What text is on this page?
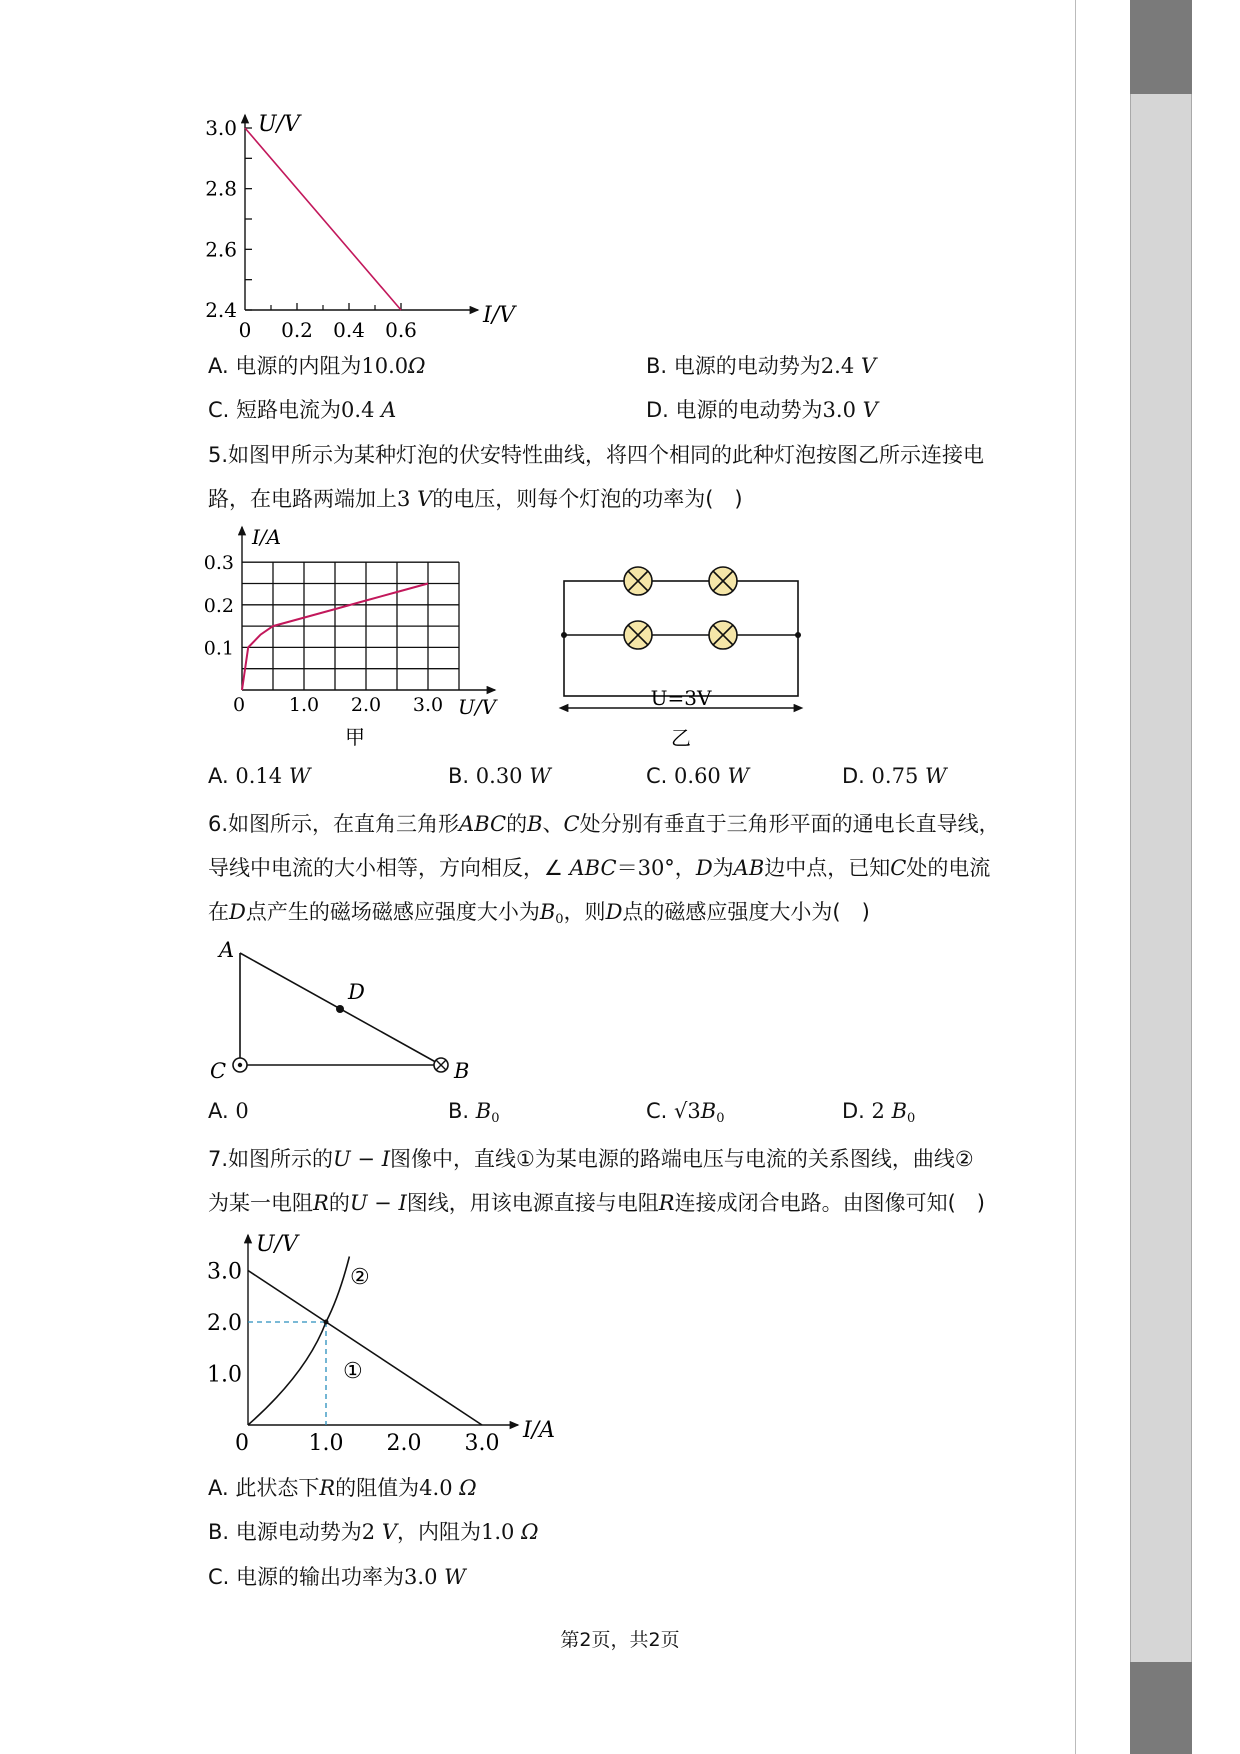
3.0
2.8
2.6
2.4
0 0.2 0.4 0.6
U/V
I/V
A. 电源的内阻为10.0Ω	B. 电源的电动势为2.4 V
C. 短路电流为0.4 A	D. 电源的电动势为3.0 V
5.如图甲所示为某种灯泡的伏安特性曲线，将四个相同的此种灯泡按图乙所示连接电
路，在电路两端加上3 V的电压，则每个灯泡的功率为(　)
0.3
0.2
0.1
0 1.0 2.0 3.0
I/A
U/V
甲
U=3V
乙
A. 0.14 W	B. 0.30 W	C. 0.60 W	D. 0.75 W
6.如图所示，在直角三角形ABC的B、C处分别有垂直于三角形平面的通电长直导线，
导线中电流的大小相等，方向相反，∠ ABC＝30°，D为AB边中点，已知C处的电流
在D点产生的磁场磁感应强度大小为$B_0$，则D点的磁感应强度大小为(　)
A
D
C	B
A. 0	B. $B_0$	C. $√3B_0$	D. 2 $B_0$
7.如图所示的U − I图像中，直线①为某电源的路端电压与电流的关系图线，曲线②
为某一电阻R的U − I图线，用该电源直接与电阻R连接成闭合电路。由图像可知(　)
3.0
2.0
1.0
0	1.0 2.0 3.0
U/V
I/A
①
②
A. 此状态下R的阻值为4.0 Ω
B. 电源电动势为2 V，内阻为1.0 Ω
C. 电源的输出功率为3.0 W
第2页，共2页
